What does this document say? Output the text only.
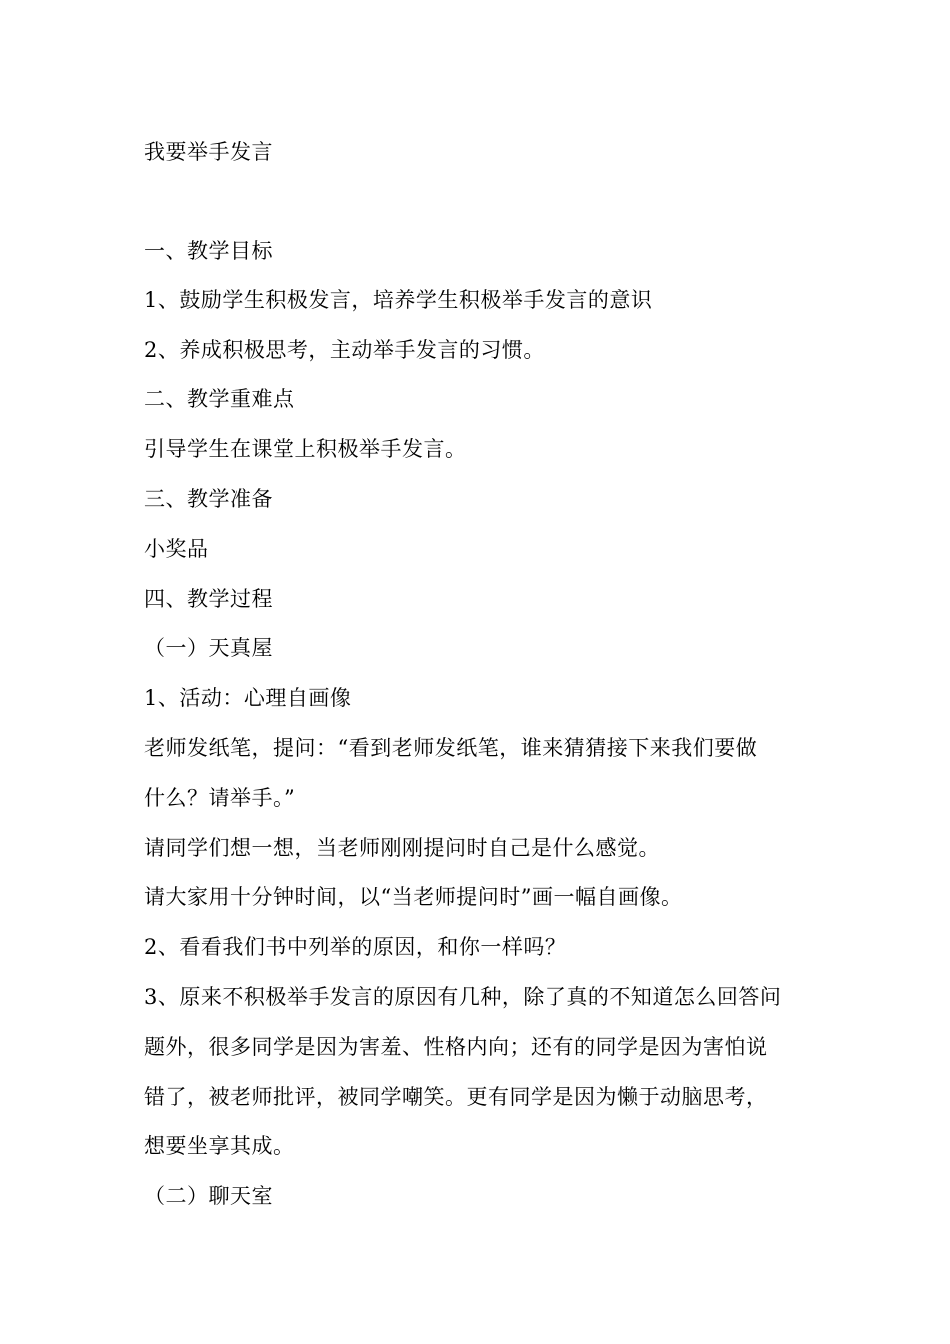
我要举手发言
一、教学目标
1、鼓励学生积极发言，培养学生积极举手发言的意识
2、养成积极思考，主动举手发言的习惯。
二、教学重难点
引导学生在课堂上积极举手发言。
三、教学准备
小奖品
四、教学过程
（一）天真屋
1、活动：心理自画像
老师发纸笔，提问：“看到老师发纸笔，谁来猜猜接下来我们要做
什么？请举手。”
请同学们想一想，当老师刚刚提问时自己是什么感觉。
请大家用十分钟时间，以“当老师提问时”画一幅自画像。
2、看看我们书中列举的原因，和你一样吗？
3、原来不积极举手发言的原因有几种，除了真的不知道怎么回答问
题外，很多同学是因为害羞、性格内向；还有的同学是因为害怕说
错了，被老师批评，被同学嘲笑。更有同学是因为懒于动脑思考，
想要坐享其成。
（二）聊天室
